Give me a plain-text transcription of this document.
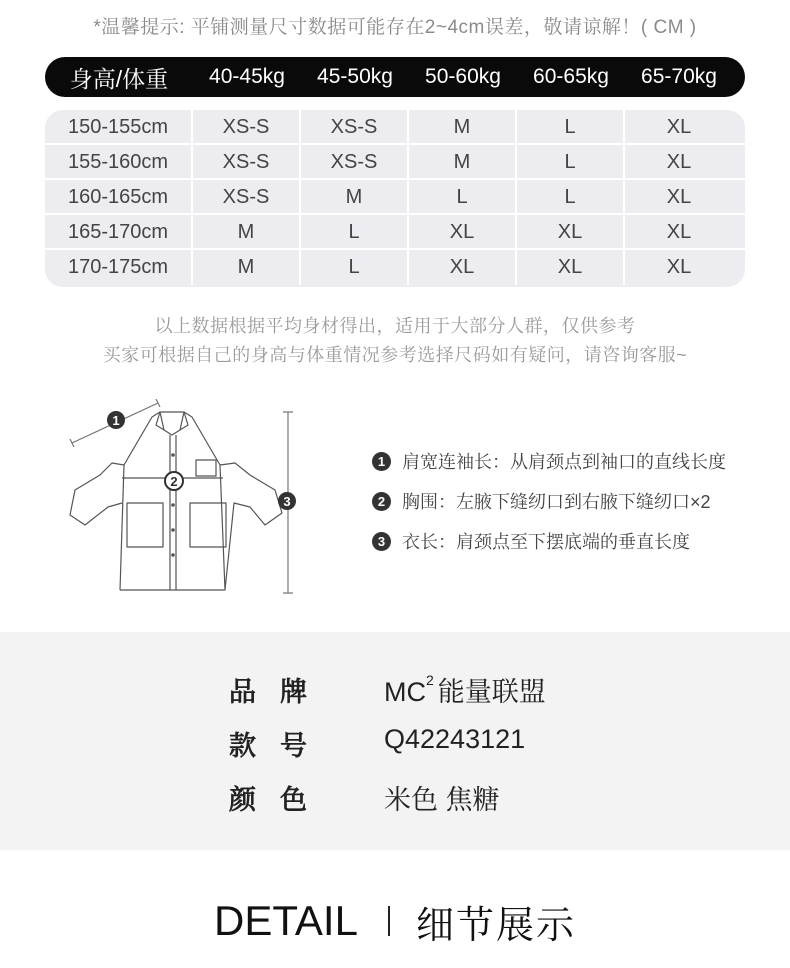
*温馨提示: 平铺测量尺寸数据可能存在2~4cm误差，敬请谅解！( CM )
身高/体重	40-45kg	45-50kg	50-60kg	60-65kg	65-70kg
150-155cm	XS-S	XS-S	M	L	XL
155-160cm	XS-S	XS-S	M	L	XL
160-165cm	XS-S	M	L	L	XL
165-170cm	M	L	XL	XL	XL
170-175cm	M	L	XL	XL	XL
以上数据根据平均身材得出，适用于大部分人群，仅供参考
买家可根据自己的身高与体重情况参考选择尺码如有疑问，请咨询客服~
1
2
3
1 肩宽连袖长：从肩颈点到袖口的直线长度
2 胸围：左腋下缝纫口到右腋下缝纫口×2
3 衣长：肩颈点至下摆底端的垂直长度
品牌 $MC^2$ 能量联盟
款号 Q42243121
颜色 米色 焦糖
DETAIL 细节展示
